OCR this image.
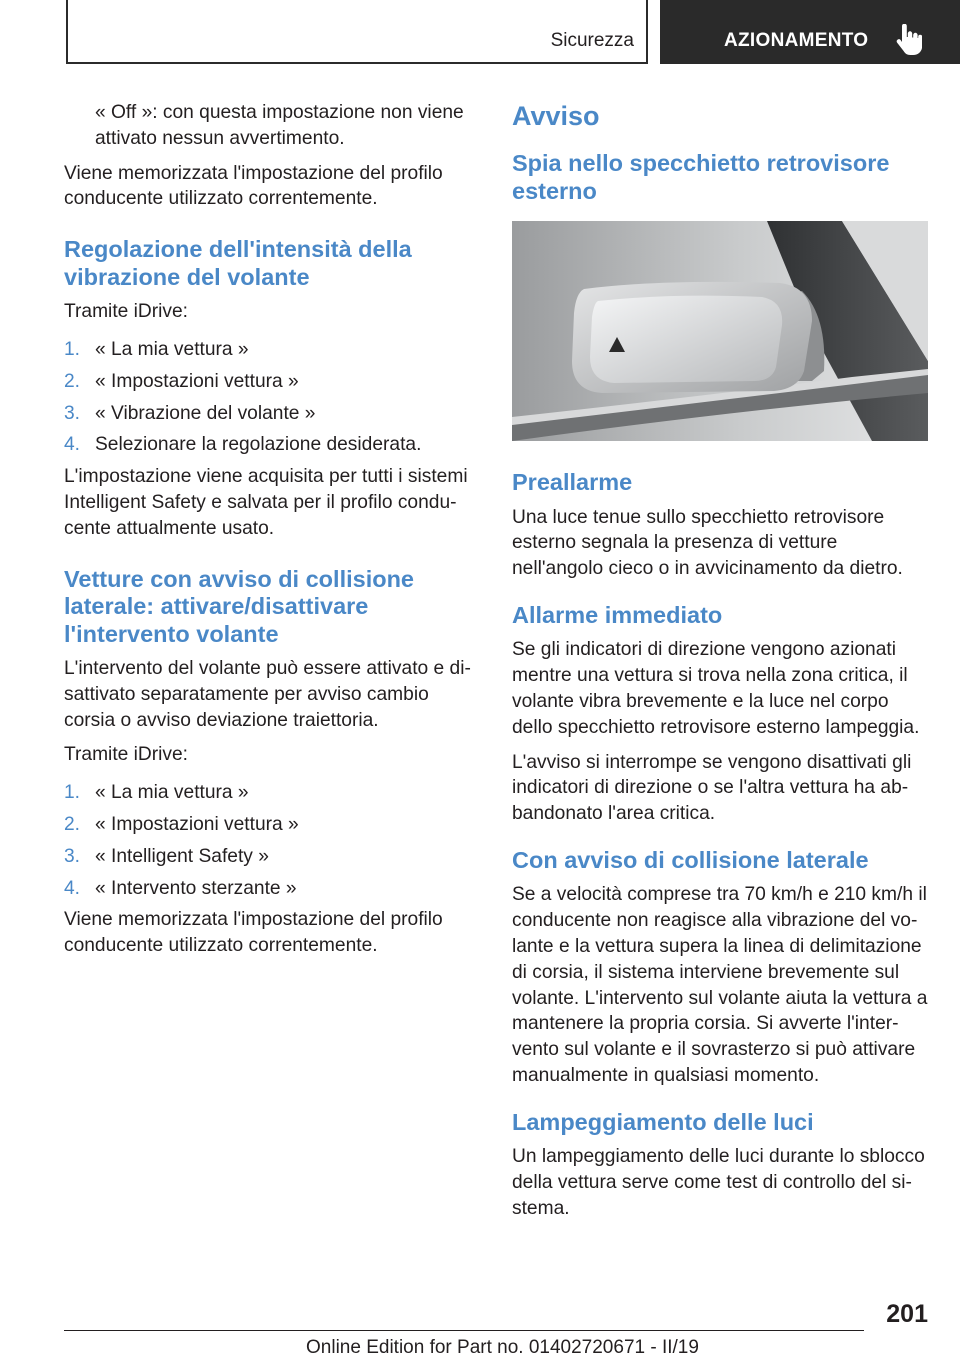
Sicurezza	AZIONAMENTO

« Off »: con questa impostazione non viene attivato nessun avvertimento.

Viene memorizzata l'impostazione del profilo conducente utilizzato correntemente.

Regolazione dell'intensità della vibrazione del volante

Tramite iDrive:

1. « La mia vettura »
2. « Impostazioni vettura »
3. « Vibrazione del volante »
4. Selezionare la regolazione desiderata.

L'impostazione viene acquisita per tutti i sistemi Intelligent Safety e salvata per il profilo conducente attualmente usato.

Vetture con avviso di collisione laterale: attivare/disattivare l'intervento volante

L'intervento del volante può essere attivato e disattivato separatamente per avviso cambio corsia o avviso deviazione traiettoria.

Tramite iDrive:

1. « La mia vettura »
2. « Impostazioni vettura »
3. « Intelligent Safety »
4. « Intervento sterzante »

Viene memorizzata l'impostazione del profilo conducente utilizzato correntemente.

Avviso
Spia nello specchietto retrovisore esterno
Preallarme

Una luce tenue sullo specchietto retrovisore esterno segnala la presenza di vetture nell'angolo cieco o in avvicinamento da dietro.

Allarme immediato

Se gli indicatori di direzione vengono azionati mentre una vettura si trova nella zona critica, il volante vibra brevemente e la luce nel corpo dello specchietto retrovisore esterno lampeggia.

L'avviso si interrompe se vengono disattivati gli indicatori di direzione o se l'altra vettura ha abbandonato l'area critica.

Con avviso di collisione laterale

Se a velocità comprese tra 70 km/h e 210 km/h il conducente non reagisce alla vibrazione del volante e la vettura supera la linea di delimitazione di corsia, il sistema interviene brevemente sul volante. L'intervento sul volante aiuta la vettura a mantenere la propria corsia. Si avverte l'intervento sul volante e il sovrasterzo si può attivare manualmente in qualsiasi momento.

Lampeggiamento delle luci

Un lampeggiamento delle luci durante lo sblocco della vettura serve come test di controllo del sistema.

201
Online Edition for Part no. 01402720671 - II/19
